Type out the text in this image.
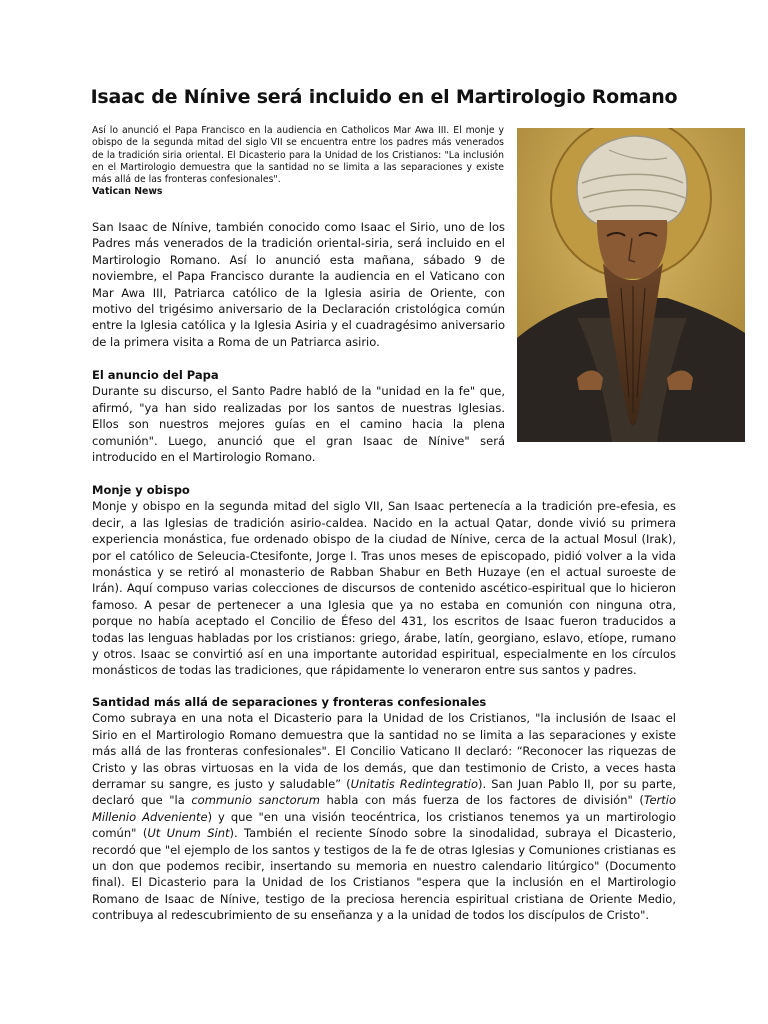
Isaac de Nínive será incluido en el Martirologio Romano
Así lo anunció el Papa Francisco en la audiencia en Catholicos Mar Awa III. El monje y obispo de la segunda mitad del siglo VII se encuentra entre los padres más venerados de la tradición siria oriental. El Dicasterio para la Unidad de los Cristianos: "La inclusión en el Martirologio demuestra que la santidad no se limita a las separaciones y existe más allá de las fronteras confesionales".
Vatican News

San Isaac de Nínive, también conocido como Isaac el Sirio, uno de los Padres más venerados de la tradición oriental-siria, será incluido en el Martirologio Romano. Así lo anunció esta mañana, sábado 9 de noviembre, el Papa Francisco durante la audiencia en el Vaticano con Mar Awa III, Patriarca católico de la Iglesia asiria de Oriente, con motivo del trigésimo aniversario de la Declaración cristológica común entre la Iglesia católica y la Iglesia Asiria y el cuadragésimo aniversario de la primera visita a Roma de un Patriarca asirio.

El anuncio del Papa

Durante su discurso, el Santo Padre habló de la "unidad en la fe" que, afirmó, "ya han sido realizadas por los santos de nuestras Iglesias. Ellos son nuestros mejores guías en el camino hacia la plena comunión". Luego, anunció que el gran Isaac de Nínive" será introducido en el Martirologio Romano.

Monje y obispo

Monje y obispo en la segunda mitad del siglo VII, San Isaac pertenecía a la tradición pre-efesia, es decir, a las Iglesias de tradición asirio-caldea. Nacido en la actual Qatar, donde vivió su primera experiencia monástica, fue ordenado obispo de la ciudad de Nínive, cerca de la actual Mosul (Irak), por el católico de Seleucia-Ctesifonte, Jorge I. Tras unos meses de episcopado, pidió volver a la vida monástica y se retiró al monasterio de Rabban Shabur en Beth Huzaye (en el actual suroeste de Irán). Aquí compuso varias colecciones de discursos de contenido ascético-espiritual que lo hicieron famoso. A pesar de pertenecer a una Iglesia que ya no estaba en comunión con ninguna otra, porque no había aceptado el Concilio de Éfeso del 431, los escritos de Isaac fueron traducidos a todas las lenguas habladas por los cristianos: griego, árabe, latín, georgiano, eslavo, etíope, rumano y otros. Isaac se convirtió así en una importante autoridad espiritual, especialmente en los círculos monásticos de todas las tradiciones, que rápidamente lo veneraron entre sus santos y padres.

Santidad más allá de separaciones y fronteras confesionales

Como subraya en una nota el Dicasterio para la Unidad de los Cristianos, "la inclusión de Isaac el Sirio en el Martirologio Romano demuestra que la santidad no se limita a las separaciones y existe más allá de las fronteras confesionales". El Concilio Vaticano II declaró: “Reconocer las riquezas de Cristo y las obras virtuosas en la vida de los demás, que dan testimonio de Cristo, a veces hasta derramar su sangre, es justo y saludable” (Unitatis Redintegratio). San Juan Pablo II, por su parte, declaró que "la communio sanctorum habla con más fuerza de los factores de división" (Tertio Millenio Adveniente) y que "en una visión teocéntrica, los cristianos tenemos ya un martirologio común" (Ut Unum Sint). También el reciente Sínodo sobre la sinodalidad, subraya el Dicasterio, recordó que "el ejemplo de los santos y testigos de la fe de otras Iglesias y Comuniones cristianas es un don que podemos recibir, insertando su memoria en nuestro calendario litúrgico" (Documento final). El Dicasterio para la Unidad de los Cristianos "espera que la inclusión en el Martirologio Romano de Isaac de Nínive, testigo de la preciosa herencia espiritual cristiana de Oriente Medio, contribuya al redescubrimiento de su enseñanza y a la unidad de todos los discípulos de Cristo".
